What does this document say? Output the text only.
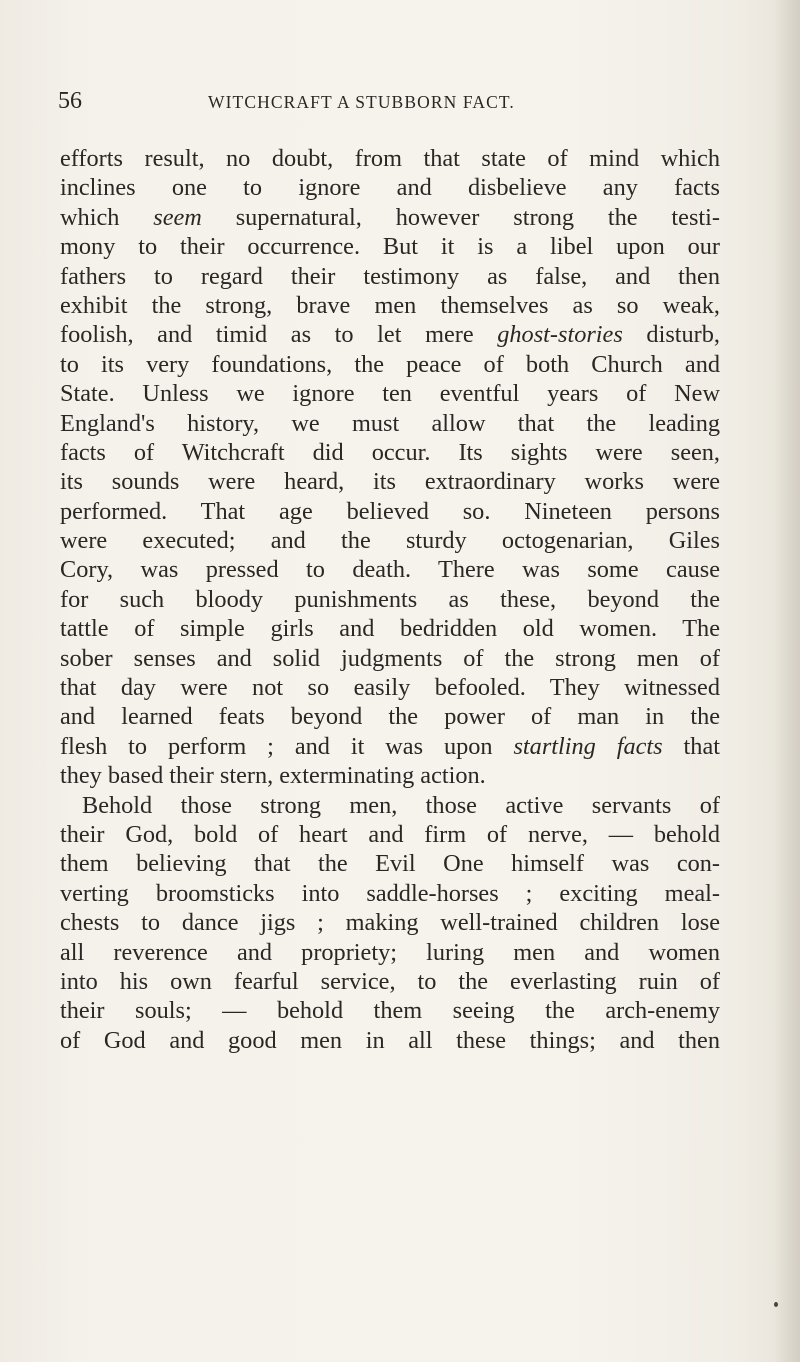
56	WITCHCRAFT A STUBBORN FACT.
efforts result, no doubt, from that state of mind which
inclines one to ignore and disbelieve any facts
which seem supernatural, however strong the testi-
mony to their occurrence. But it is a libel upon our
fathers to regard their testimony as false, and then
exhibit the strong, brave men themselves as so weak,
foolish, and timid as to let mere ghost-stories disturb,
to its very foundations, the peace of both Church and
State. Unless we ignore ten eventful years of New
England's history, we must allow that the leading
facts of Witchcraft did occur. Its sights were seen,
its sounds were heard, its extraordinary works were
performed. That age believed so. Nineteen persons
were executed; and the sturdy octogenarian, Giles
Cory, was pressed to death. There was some cause
for such bloody punishments as these, beyond the
tattle of simple girls and bedridden old women. The
sober senses and solid judgments of the strong men of
that day were not so easily befooled. They witnessed
and learned feats beyond the power of man in the
flesh to perform ; and it was upon startling facts that
they based their stern, exterminating action.
Behold those strong men, those active servants of
their God, bold of heart and firm of nerve, — behold
them believing that the Evil One himself was con-
verting broomsticks into saddle-horses ; exciting meal-
chests to dance jigs ; making well-trained children lose
all reverence and propriety; luring men and women
into his own fearful service, to the everlasting ruin of
their souls; — behold them seeing the arch-enemy
of God and good men in all these things; and then
